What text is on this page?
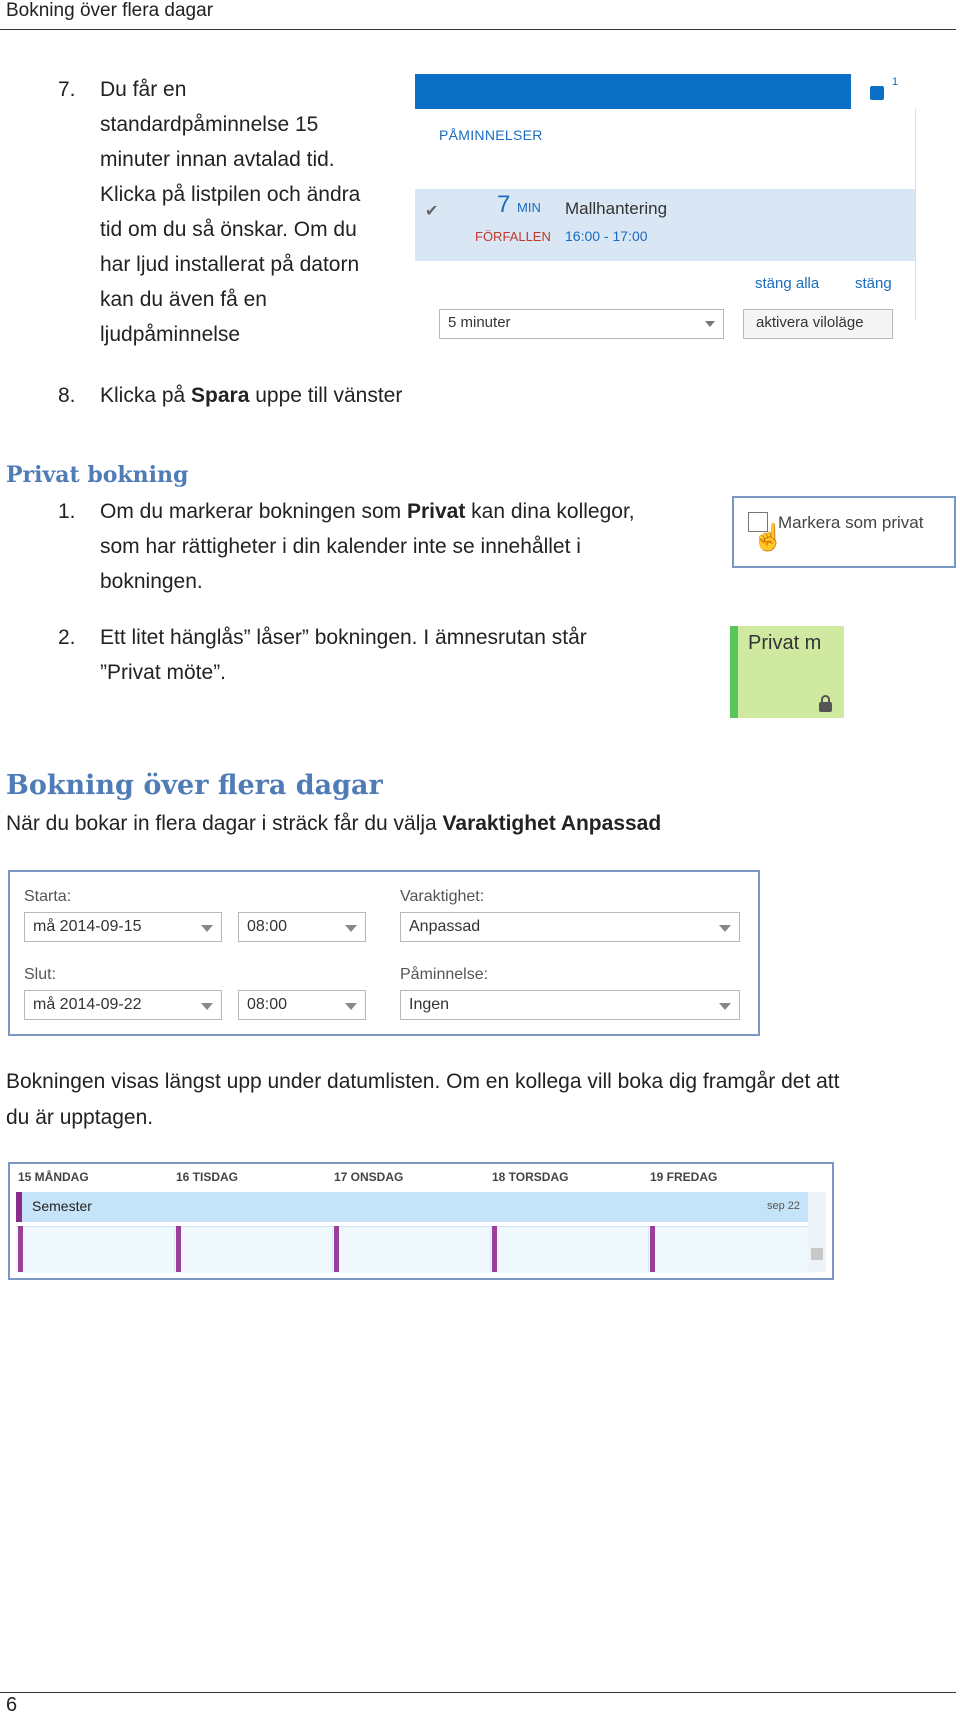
Bokning över flera dagar
7. Du får en
standardpåminnelse 15
minuter innan avtalad tid.
Klicka på listpilen och ändra
tid om du så önskar. Om du
har ljud installerat på datorn
kan du även få en
ljudpåminnelse
1
PÅMINNELSER
✔ 7 MIN
FÖRFALLEN
Mallhantering
16:00 - 17:00
stäng alla stäng
5 minuter	aktivera viloläge
8. Klicka på Spara uppe till vänster
Privat bokning
1. Om du markerar bokningen som Privat kan dina kollegor,
som har rättigheter i din kalender inte se innehållet i
bokningen.
☝
Markera som privat
2. Ett litet hänglås” låser” bokningen. I ämnesrutan står
”Privat möte”.
Privat m
Bokning över flera dagar
När du bokar in flera dagar i sträck får du välja Varaktighet Anpassad
Starta:
må 2014-09-15	08:00
Varaktighet:
Anpassad
Slut:
må 2014-09-22	08:00
Påminnelse:
Ingen
Bokningen visas längst upp under datumlisten. Om en kollega vill boka dig framgår det att
du är upptagen.
15 MÅNDAG	16 TISDAG	17 ONSDAG	18 TORSDAG	19 FREDAG
Semester	sep 22
6
